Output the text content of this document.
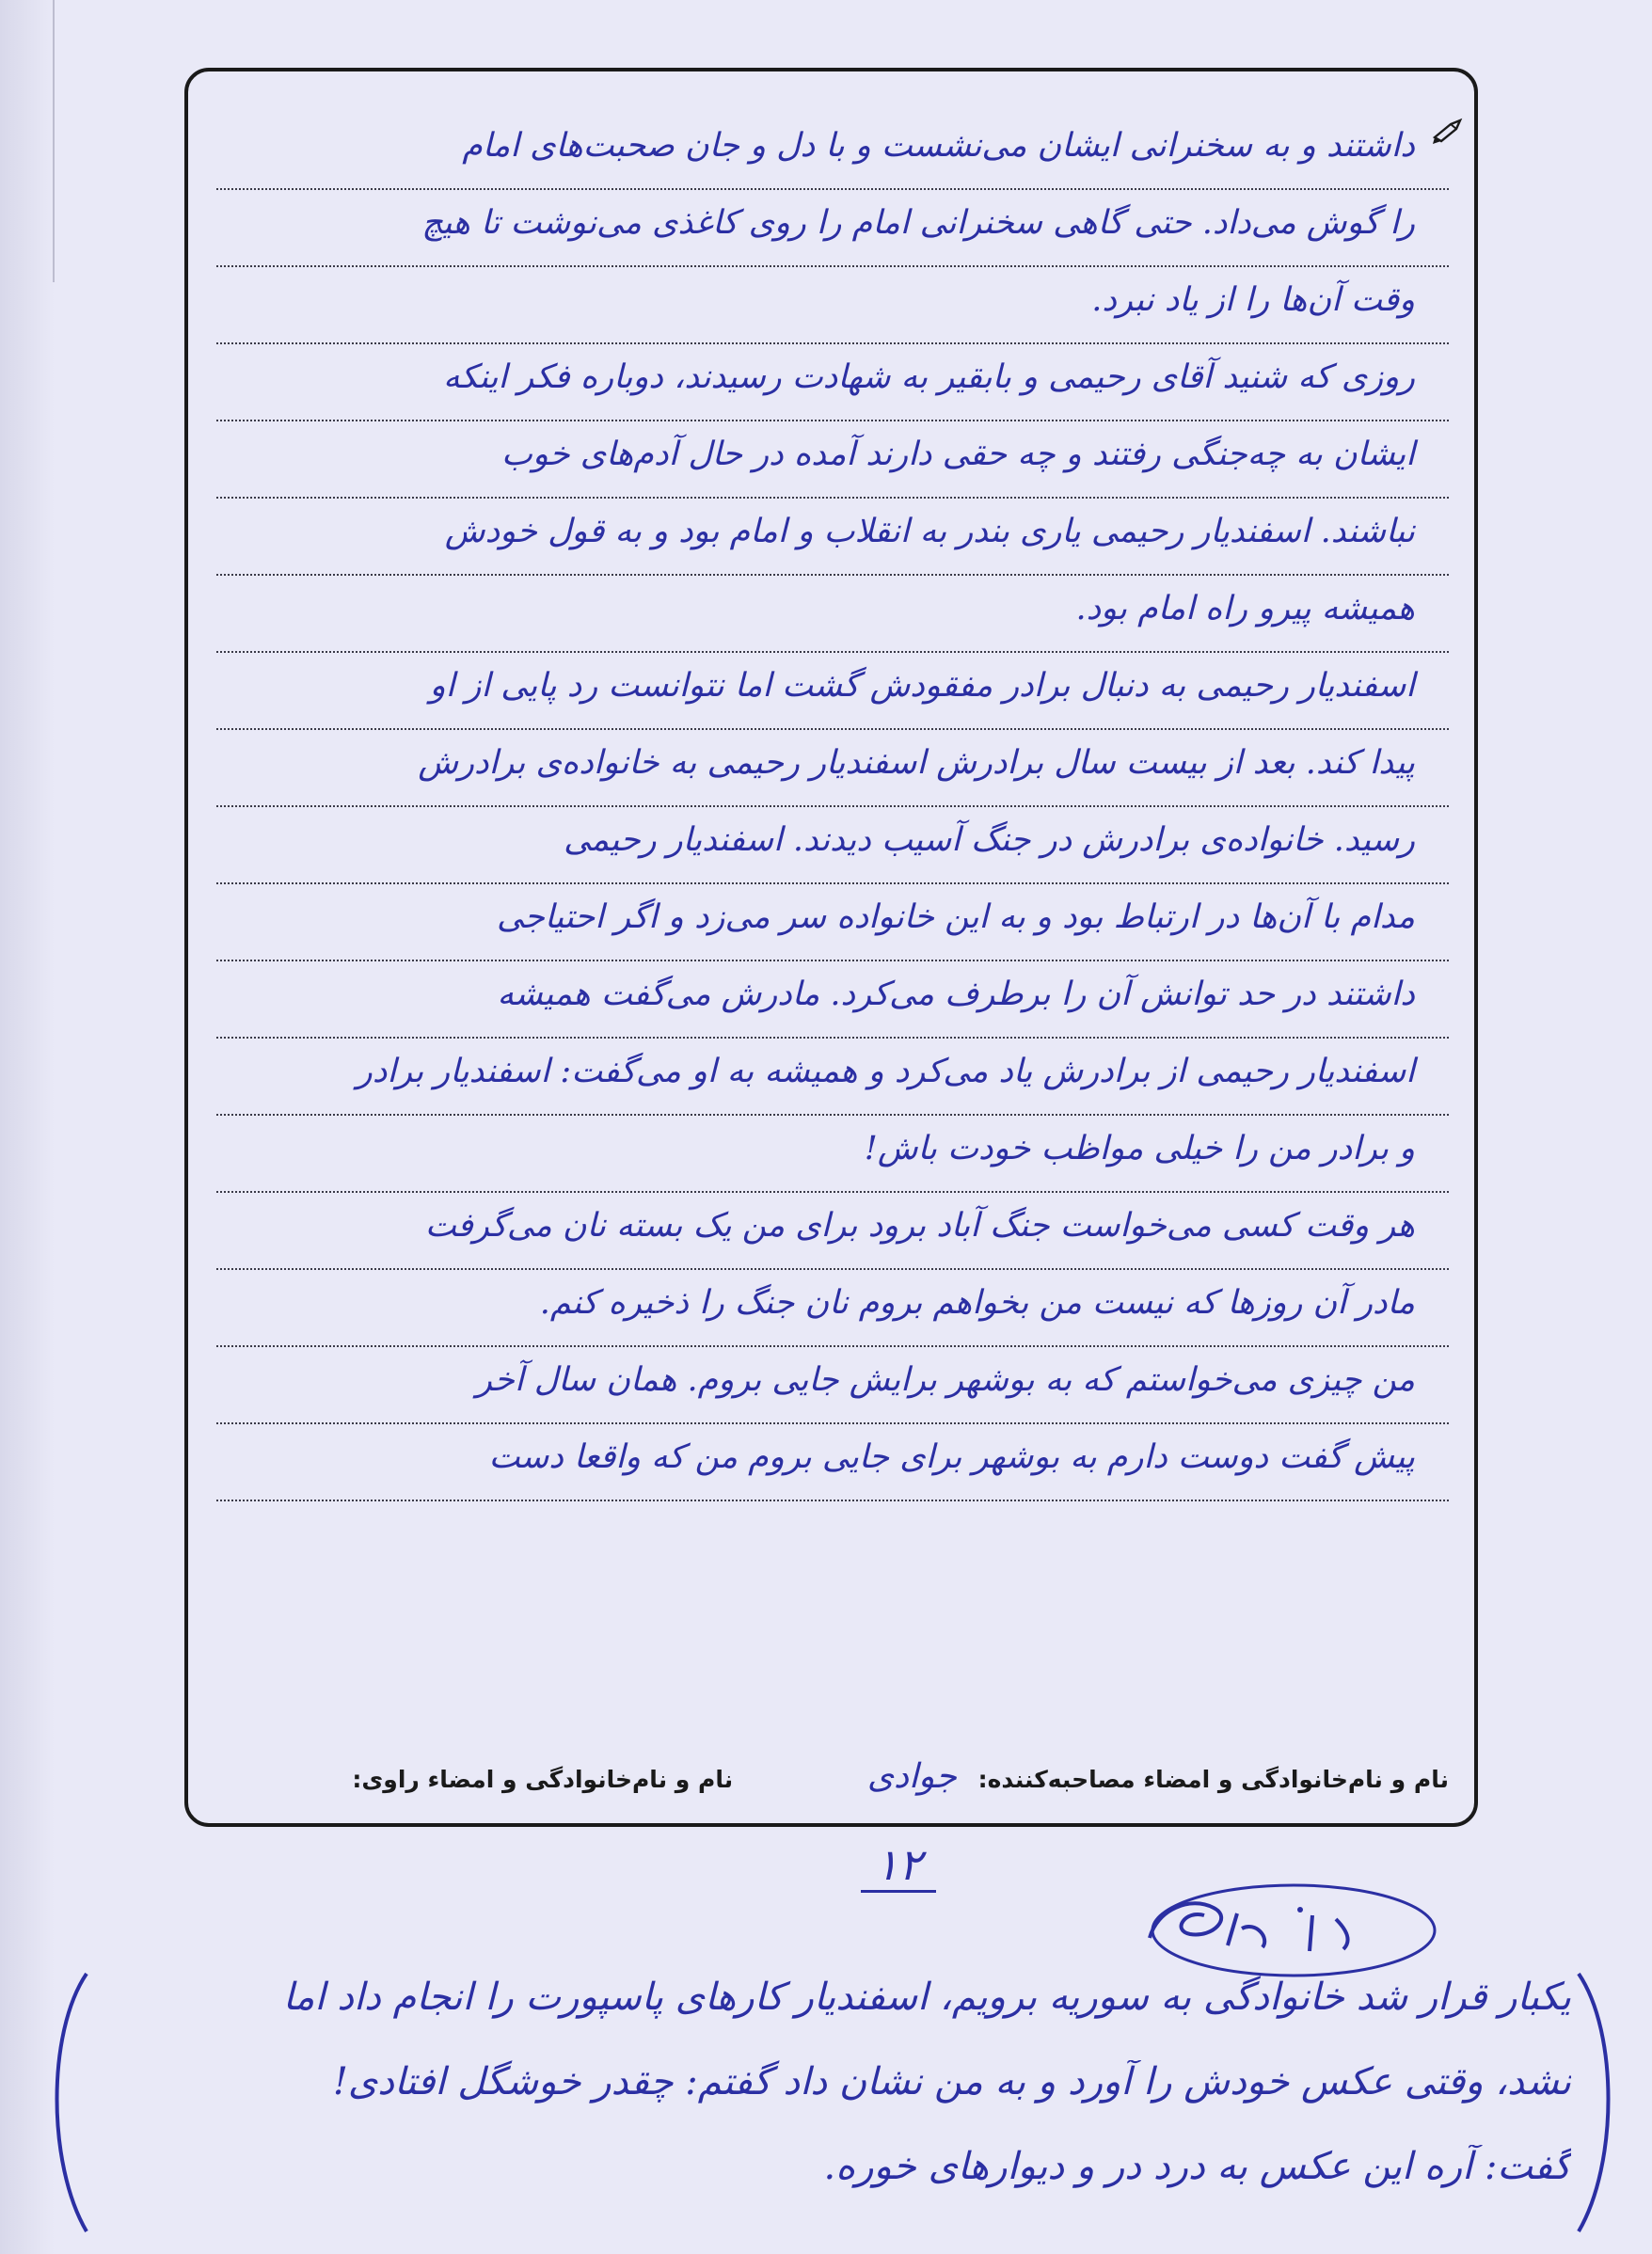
داشتند و به سخنرانی ایشان می‌نشست و با دل و جان صحبت‌های امام
را گوش می‌داد. حتی گاهی سخنرانی امام را روی کاغذی می‌نوشت تا هیچ
وقت آن‌ها را از یاد نبرد.
روزی که شنید آقای رحیمی و بابقیر به شهادت رسیدند، دوباره فکر اینکه
ایشان به چه‌جنگی رفتند و چه حقی دارند آمده در حال آدم‌های خوب
نباشند. اسفندیار رحیمی یاری بندر به انقلاب و امام بود و به قول خودش
همیشه پیرو راه امام بود.
اسفندیار رحیمی به دنبال برادر مفقودش گشت اما نتوانست رد پایی از او
پیدا کند. بعد از بیست سال برادرش اسفندیار رحیمی به خانواده‌ی برادرش
رسید. خانواده‌ی برادرش در جنگ آسیب دیدند. اسفندیار رحیمی
مدام با آن‌ها در ارتباط بود و به این خانواده سر می‌زد و اگر احتیاجی
داشتند در حد توانش آن را برطرف می‌کرد. مادرش می‌گفت همیشه
اسفندیار رحیمی از برادرش یاد می‌کرد و همیشه به او می‌گفت: اسفندیار برادر
و برادر من را خیلی مواظب خودت باش!
هر وقت کسی می‌خواست جنگ آباد برود برای من یک بسته نان می‌گرفت
مادر آن روزها که نیست من بخواهم بروم نان جنگ را ذخیره کنم.
من چیزی می‌خواستم که به بوشهر برایش جایی بروم. همان سال آخر
پیش گفت دوست دارم به بوشهر برای جایی بروم من که واقعا دست
نام و نام‌خانوادگی و امضاء مصاحبه‌کننده: جوادی نام و نام‌خانوادگی و امضاء راوی:
۱۲
یکبار قرار شد خانوادگی به سوریه برویم، اسفندیار کارهای پاسپورت را انجام داد اما
نشد، وقتی عکس خودش را آورد و به من نشان داد گفتم: چقدر خوشگل افتادی!
گفت: آره این عکس به درد در و دیوارهای خوره.
